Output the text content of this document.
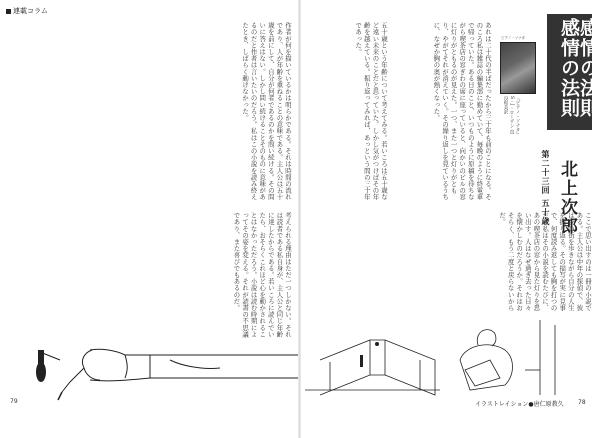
連載コラム
作者が何を描いているかは明らかである。それは時間の流れであり、人が年齢を重ねることの意味である。主人公は五十歳を前にして、自分が何者であるのかを問い続ける。その問いに答えはない。しかし問い続けることそのものに意味があるのだと作者は言いたいのだろう。私はこの小説を読み終えたとき、しばらく動けなかった。
考えられる理由はただ一つしかない。それは読者である私自身が、主人公と同じ年齢に達したからである。若いころに読んでいたら、おそらくこれほど心を動かされることはなかっただろう。小説は読む時期によってその姿を変える。それが読書の不思議であり、また喜びでもあるのだ。
79
感情の法則
感情の法則
北上次郎
第二十三回 五十歳
ピアノ・ソナタ
『ピアノ・ソナタ』S・J・ローザン 直良和美訳
あれは二十代の半ばだったから三十年も前のことになる。そのころ私は雑誌の編集部に勤めていて、毎晩のように終電車で帰っていた。ある日のこと、いつものように原稿を待ちながら喫茶店の窓ぎわの席に座っていると、向かいのビルの窓に灯りがともるのが見えた。一つ、また一つと灯りがともり、やがてそれが消えていく。その繰り返しを見ているうちに、なぜか胸の奥が熱くなった。
五十歳という年齢について考えてみる。若いころは五十歳など遠い未来のことだと思っていた。しかし気がつけばその年齢を越えている。振り返ってみれば、あっという間の三十年であった。
ここで思い出すのは一冊の小説である。主人公は中年の探偵で、彼は夜の街を歩きながら自分の人生を振り返る。その描写が実に見事で、何度読み返しても胸を打つのだ。私はその小説を読むたびに、あの喫茶店の窓から見た灯りを思い出す。人はなぜ過ぎ去った日々を懐かしむのだろうか。それはおそらく、もう二度と戻らないからだ。
イラストレイション●唐仁原教久 78
